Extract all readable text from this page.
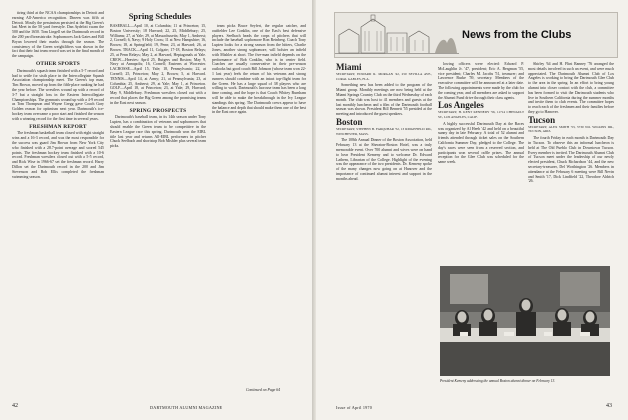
Spring Schedules

tiring third at the NCAA championships in Detroit and earning All-America recognition. Dineen was fifth at Detroit. Mostly the pessimism persisted at the Big Green's last Meet in the 50 yard freestyle. Dan Aydelott swam the 500 and the 1650. Tom Lingell set the Dartmouth record in the 200 yard breaststroke. Sophomores Jack Gates and Bill Bryan lowered their marks through the season. The consistency of the Green weightlifters was shown in the fact that their last team record was set in the final month of the campaign.

OTHER SPORTS

Dartmouth's squash team finished with a 5-7 record and had to settle for sixth place in the Intercollegiate Squash Association championship meet. The Green's top man, Tim Brown, moved up from the fifth-place ranking he had the year before. The wrestlers wound up with a record of 3-7 but a straight loss in the Eastern Intercollegiate Championships. The gymnasts wound up with a 4-9 record as Tom Thompson and Wayne Gregg gave Coach Gary Golden reason for optimism next year. Dartmouth's ice-hockey team overcame a poor start and finished the season with a winning record for the first time in several years.

FRESHMAN REPORT

The freshman basketball team closed with eight straight wins and a 16-3 record, and was the most responsible for the success was guard Jim Brown from New York City who finished with a 28.7-point average and scored 545 points. The freshman hockey team finished with a 10-6 record. Freshman wrestlers closed out with a 5-5 record, and Rick Wise in 1966-67 set the freshman record. Harry Dillon set the Dartmouth record in the 200 and Jim Stevenson and Bob Ellis completed the freshman swimming season.

BASEBALL—April 10, at Columbia; 11 at Princeton; 15, Boston University; 18 Harvard; 22, 25, Middlebury; 25, Williams; 27, at Yale; 29, at Massachusetts; May 1, Amherst; 2, Cornell; 6, Navy; 9 Holy Cross; 11 at New Hampshire; 16, Brown; 18, at Springfield; 19, Penn; 23, at Harvard; 26, at Brown. TRACK—April 11, Colgate; 17-18, Boston Relays; 25, at Penn Relays; May 2, at Harvard, Heptagonals at Yale. CREW—Heavies: April 25, Rutgers and Boston; May 9, Navy at Annapolis; 16, Cornell; Easterns at Worcester. LACROSSE—April 15, Yale; 18, Pennsylvania; 22, at Cornell; 25, Princeton; May 2, Brown; 5, at Harvard. TENNIS—April 14, at Army; 21, at Pennsylvania; 23, at Columbia; 25, Amherst; 29, at Yale; May 1, at Princeton. GOLF—April 18, at Princeton; 23, at Yale; 29, Harvard; May 9, Middlebury. Freshman wrestlers closed out with a record that places the Big Green among the promising teams in the East next season.

SPRING PROSPECTS

Dartmouth's baseball team, in its 14th season under Tony Lupien, has a combination of veterans and sophomores that should enable the Green team to be competitive in the Eastern League race this spring. Dartmouth won the EIBL title last year and returns All-EIBL performers in pitcher Chuck Seelbach and shortstop Bob Mishler plus several team picks.

team picks Bruce Seyfert, the regular catcher, and outfielder Lee Conklin, one of the East's best defensive players. Seelbach heads the corps of pitchers that will include the baseball sophomore Ron Reinberg. Coach Tony Lupien looks for a strong season from the hitters, Charlie Jones, another strong sophomore, will bolster an infield with Mishler at short. The five-man infield depends on the performance of Bob Conklin, who is in center field. Coaches are usually conservative in their pre-season outlooks but good coach Bill Johnson (whose team won 22-1 last year) feels the return of his veterans and strong runners should combine with an intact top-flight team for the Green. He has a large squad of 38 players who are willing to work. Dartmouth's lacrosse team has been a long time coming, and the hope is that Coach Whitey Burnham will be able to make the breakthrough in the Ivy League standings this spring. The Dartmouth crews appear to have the balance and depth that should make them one of the best in the East once again.

Continued on Page 64
42	DARTMOUTH ALUMNI MAGAZINE
News from the Clubs
Miami
SECRETARY, EDWARD R. MORGAN '42, 250 SEVILLA AVE., CORAL GABLES, FLA.

Something new has been added to the program of the Miami group. Monthly meetings are now being held at the Miami Springs Country Club on the third Wednesday of each month. The club was host to 41 members and guests at the last monthly luncheon and a film of the Dartmouth football season was shown. President Bill Bennett '55 presided at the meeting and introduced the guest speakers.

Boston
SECRETARY, STEPHEN B. FARQUHAR '52, 13 RIDGEFIELD RD., WINCHESTER, MASS.

The 108th Annual Dinner of the Boston Association, held February 13 at the Sheraton-Boston Hotel, was a truly memorable event. Over 700 alumni and wives were on hand to hear President Kemeny and to welcome Dr. Edward Lathem, Librarian of the College. Highlight of the evening was the appearance of the two presidents. Dr. Kemeny spoke of the many changes now going on at Hanover and the importance of continued alumni interest and support in the months ahead.

lowing officers were elected: Edward P. McLaughlin Jr. '47, president; Eric A. Bergman '55, vice president; Charles M. Jacobs '51, treasurer; and Lawrence Burke '59, secretary. Members of the executive committee will be announced at a later date. The following appointments were made by the club for the coming year, and all members are asked to support the Alumni Fund drive through their class agents.

Los Angeles
SECRETARY, H. KENT KENNEDY '56, 11714 CHENAULT ST., LOS ANGELES, CALIF.

A highly successful Dartmouth Day at the Races was organized by Al Heeb '42 and held on a beautiful sunny day in late February. A total of 52 alumni and friends attended through ticket sales on the Southern California Summer Day, pledged to the College. The day's races were seen from a reserved section, and participants won several raffle prizes. The annual reception for the Glee Club was scheduled for the same week.

Shirley '64 and H. Flint Ranney '76 arranged the most details involved in such an event, and were much appreciated. The Dartmouth Alumni Club of Los Angeles is working to bring the Dartmouth Glee Club to the area in the spring. In an effort to bring young alumni into closer contact with the club, a committee has been formed to visit the Dartmouth students who live in Southern California during the summer months and invite them to club events. The committee hopes to reach each of the freshmen and their families before they go to Hanover.

Tucson
SECRETARY, ALEX SMITH '53, 5730 NO. WILKINS DR., TUCSON, ARIZ.

The fourth Friday in each month is Dartmouth Day in Tucson. To observe this an informal luncheon is held at The Old Pueblo Club in Downtown Tucson. Every member is invited. The Dartmouth Alumni Club of Tucson meet under the leadership of our newly elected president, Chuck Richardson '44, and the new secretary-treasurer, Del Worthington '26. Members in attendance at the February 6 meeting were Bill Nevin and Smith '17, Dick Lindfield '22, Theodore Aldrich '26.

President Kemeny addressing the annual Boston alumni dinner on February 13.
Issue of April 1970	43
